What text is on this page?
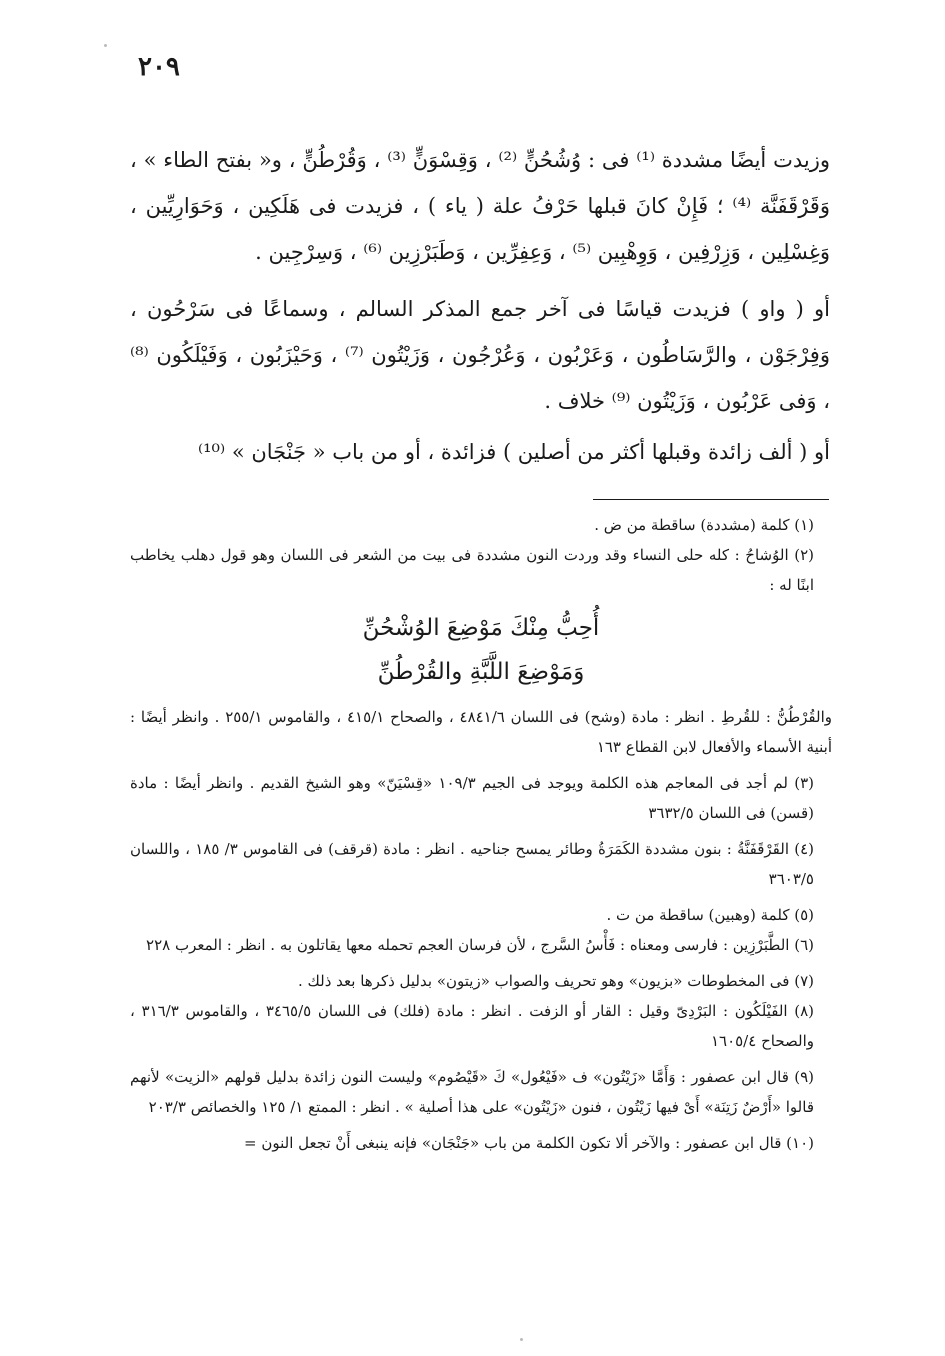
٢٠٩

وزيدت أيضًا مشددة ⁽¹⁾ فى : وُشُحُنٍّ ⁽²⁾ ، وَقِسْوَنٍّ ⁽³⁾ ، وَقُرْطُنٍّ ، و« بفتح الطاء » ، وَقَرْقَفَنَّة ⁽⁴⁾ ؛ فَإِنْ كانَ قبلها حَرْفُ علة ( ياء ) ، فزيدت فى هَلَكِين ، وَحَوَارِيِّين ، وَغِسْلِين ، وَزِرْفِين ، وَوِهْبِين ⁽⁵⁾ ، وَعِفِرِّين ، وَطَبَرْزِين ⁽⁶⁾ ، وَسِرْجِين .

أو ( واو ) فزيدت قياسًا فى آخر جمع المذكر السالم ، وسماعًا فى سَرْحُون ، وَفِرْجَوْن ، والرَّسَاطُون ، وَعَرْبُون ، وَعُرْجُون ، وَزَيْتُون ⁽⁷⁾ ، وَحَيْزَبُون ، وَفَيْلَكُون ⁽⁸⁾ ، وَفى عَرْبُون ، وَزَيْتُون ⁽⁹⁾ خلاف .

أو ( ألف زائدة وقبلها أكثر من أصلين ) فزائدة ، أو من باب « جَنْجَان » ⁽¹⁰⁾

(١) كلمة (مشددة) ساقطة من ض .

(٢) الوُشاحُ : كله حلى النساء وقد وردت النون مشددة فى بيت من الشعر فى اللسان وهو قول دهلب يخاطب ابنًا له :

أُحِبُّ مِنْكَ مَوْضِعَ الوُشْحُنِّ
وَمَوْضِعَ اللَّبَّةِ والقُرْطُنِّ

والقُرْطُنُّ : للقُرطِ . انظر : مادة (وشح) فى اللسان ٤٨٤١/٦ ، والصحاح ٤١٥/١ ، والقاموس ٢٥٥/١ . وانظر أيضًا : أبنية الأسماء والأفعال لابن القطاع ١٦٣

(٣) لم أجد فى المعاجم هذه الكلمة ويوجد فى الجيم ١٠٩/٣ «قِسْيَنّ» وهو الشيخ القديم . وانظر أيضًا : مادة (قسن) فى اللسان ٣٦٣٢/٥

(٤) القَرْقَفَنَّةُ : بنون مشددة الكَمَرَةُ وطائر يمسح جناحيه . انظر : مادة (قرقف) فى القاموس ٣/ ١٨٥ ، واللسان ٣٦٠٣/٥

(٥) كلمة (وهبين) ساقطة من ت .

(٦) الطَّبَرْزِين : فارسى ومعناه : فَأْسُ السَّرج ، لأن فرسان العجم تحمله معها يقاتلون به . انظر : المعرب ٢٢٨

(٧) فى المخطوطات «بزيون» وهو تحريف والصواب «زيتون» بدليل ذكرها بعد ذلك .

(٨) الفَيْلَكُون : البَرْدِىّ وقيل : القار أو الزفت . انظر : مادة (فلك) فى اللسان ٣٤٦٥/٥ ، والقاموس ٣١٦/٣ ، والصحاح ١٦٠٥/٤

(٩) قال ابن عصفور : وَأَمَّا «زَيْتُون» ف «فَيْعُول» كَ «قَيْصُوم» وليست النون زائدة بدليل قولهم «الزيت» لأنهم قالوا «أَرْضٌ زَتِنَة» أَىْ فيها زَيْتُون ، فنون «زَيْتُون» على هذا أصلية » . انظر : الممتع ١/ ١٢٥ والخصائص ٢٠٣/٣

(١٠) قال ابن عصفور : والآخر ألا تكون الكلمة من باب «جَنْجَان» فإنه ينبغى أَنْ تجعل النون =
